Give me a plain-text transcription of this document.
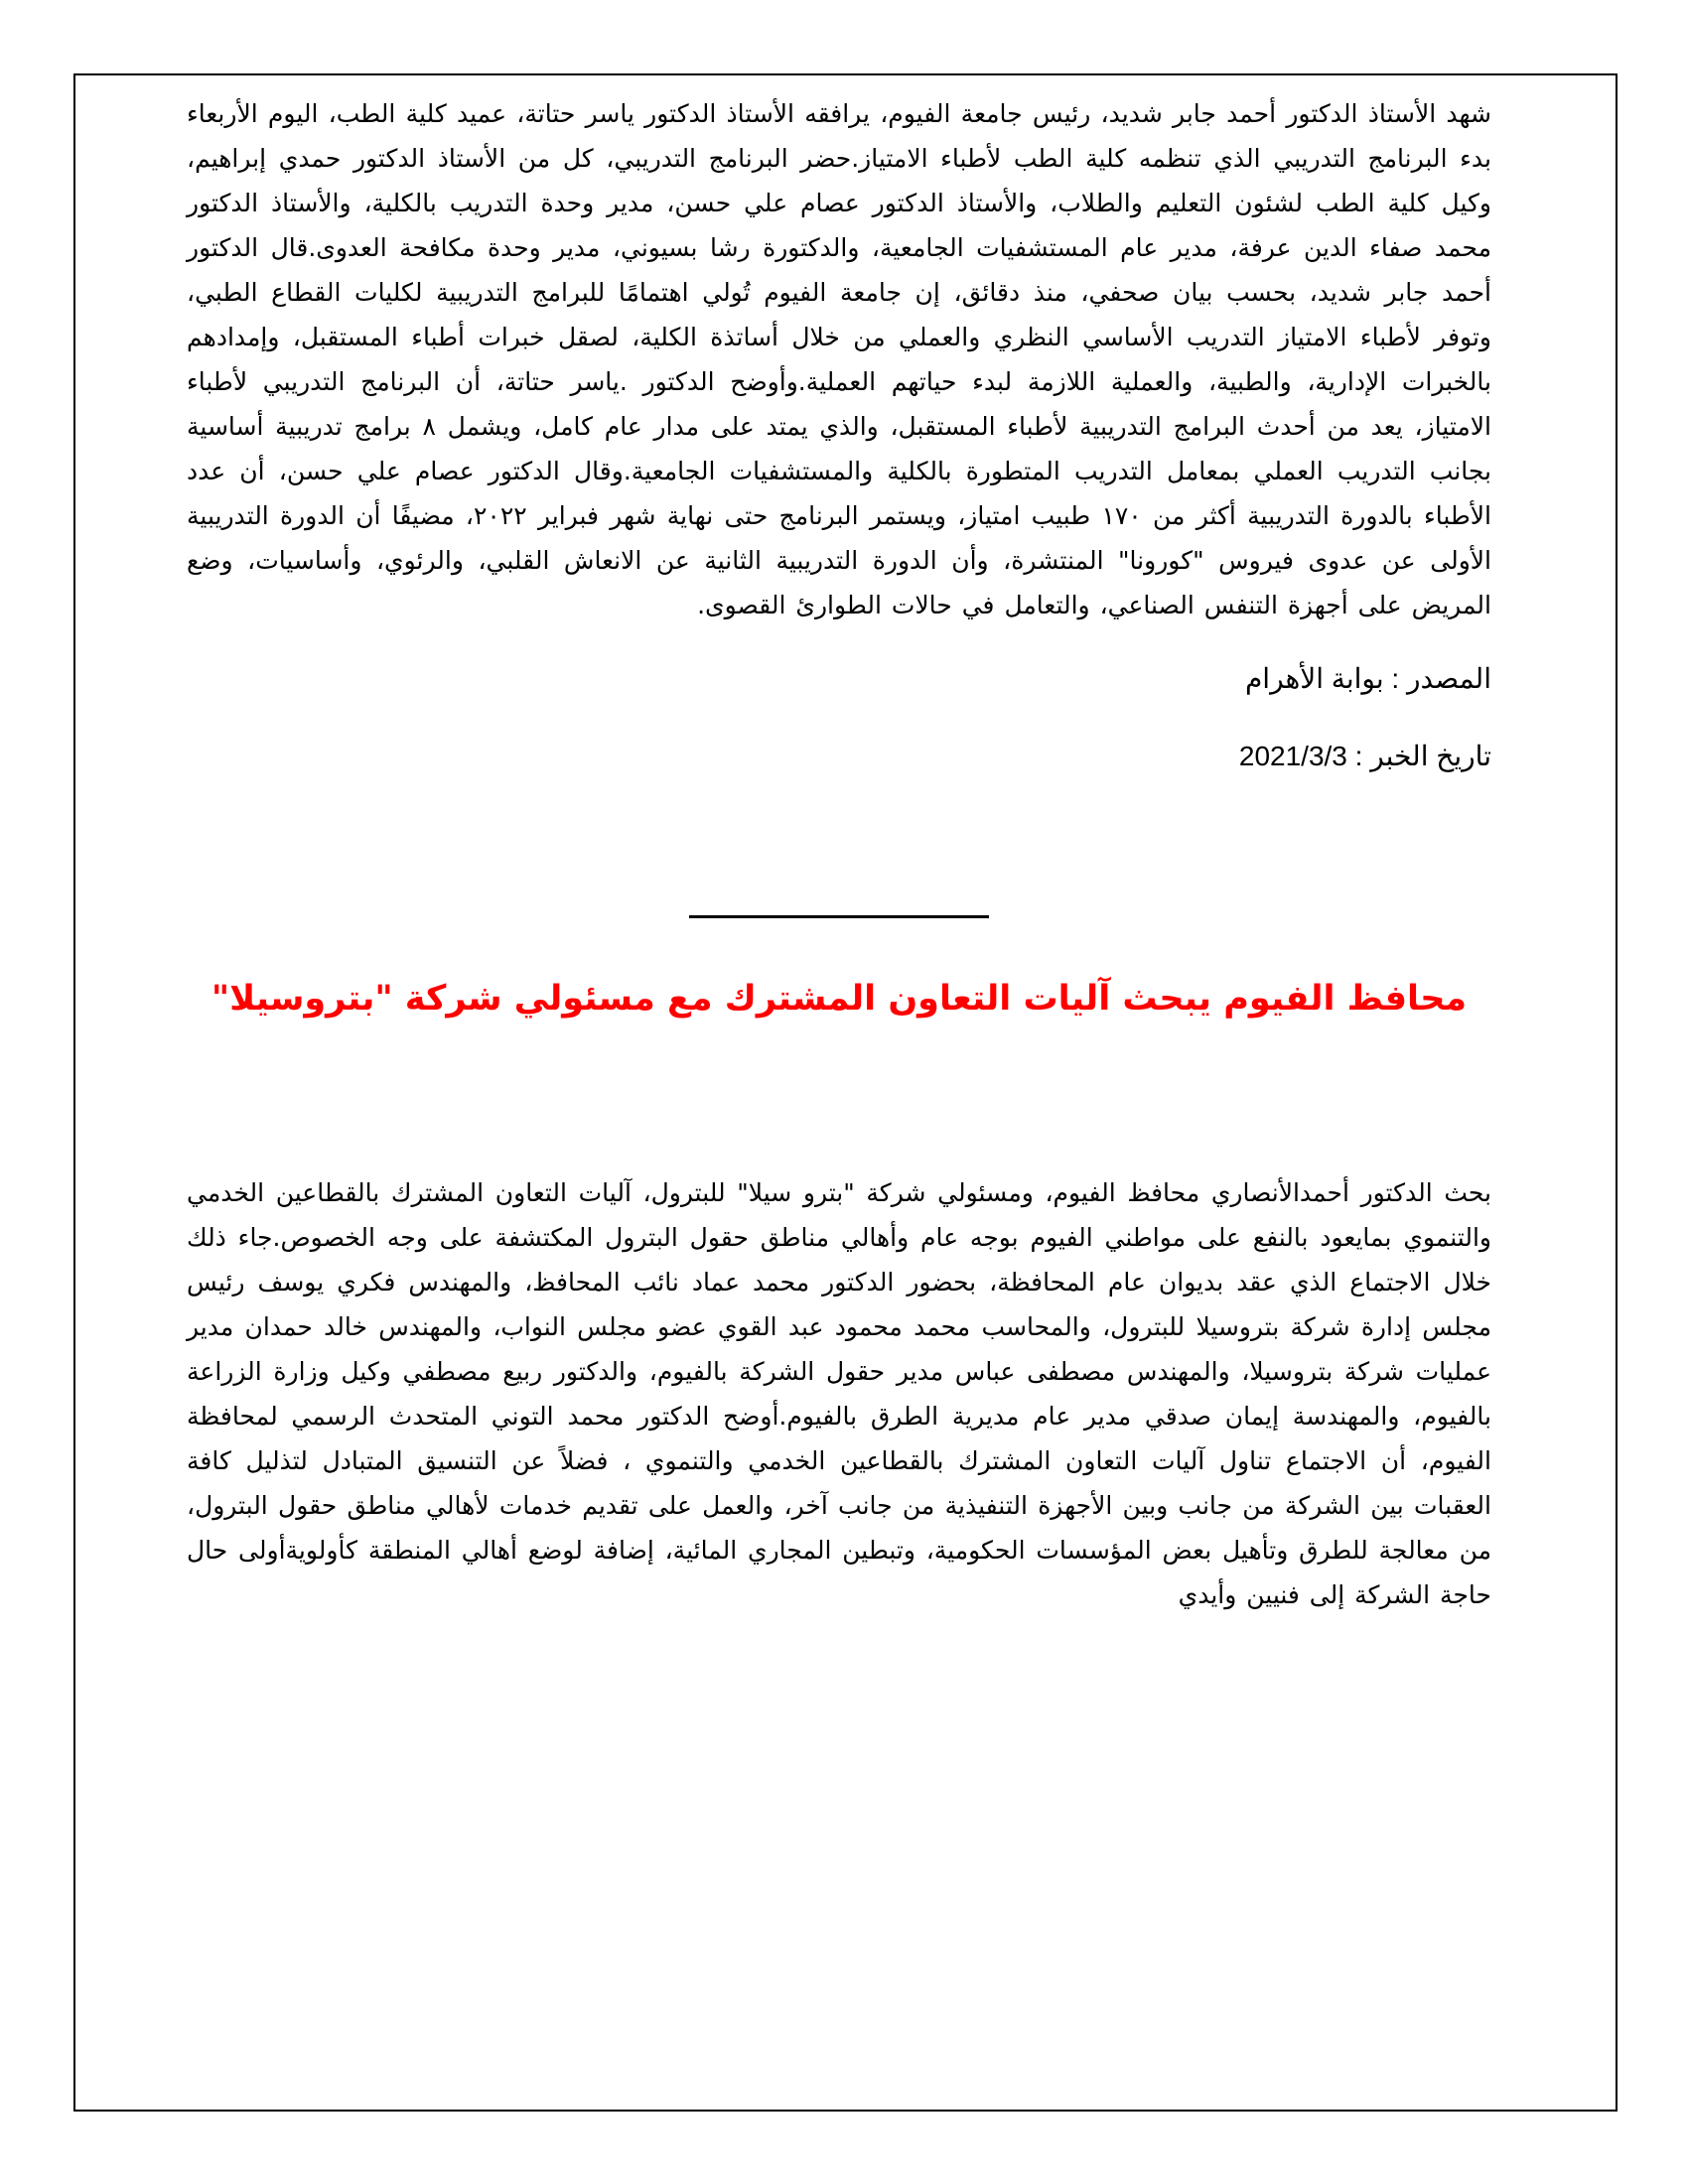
شهد الأستاذ الدكتور أحمد جابر شديد، رئيس جامعة الفيوم، يرافقه الأستاذ الدكتور ياسر حتاتة، عميد كلية الطب، اليوم الأربعاء بدء البرنامج التدريبي الذي تنظمه كلية الطب لأطباء الامتياز.حضر البرنامج التدريبي، كل من الأستاذ الدكتور حمدي إبراهيم، وكيل كلية الطب لشئون التعليم والطلاب، والأستاذ الدكتور عصام علي حسن، مدير وحدة التدريب بالكلية، والأستاذ الدكتور محمد صفاء الدين عرفة، مدير عام المستشفيات الجامعية، والدكتورة رشا بسيوني، مدير وحدة مكافحة العدوى.قال الدكتور أحمد جابر شديد، بحسب بيان صحفي، منذ دقائق، إن جامعة الفيوم تُولي اهتمامًا للبرامج التدريبية لكليات القطاع الطبي، وتوفر لأطباء الامتياز التدريب الأساسي النظري والعملي من خلال أساتذة الكلية، لصقل خبرات أطباء المستقبل، وإمدادهم بالخبرات الإدارية، والطبية، والعملية اللازمة لبدء حياتهم العملية.وأوضح الدكتور .ياسر حتاتة، أن البرنامج التدريبي لأطباء الامتياز، يعد من أحدث البرامج التدريبية لأطباء المستقبل، والذي يمتد على مدار عام كامل، ويشمل ٨ برامج تدريبية أساسية بجانب التدريب العملي بمعامل التدريب المتطورة بالكلية والمستشفيات الجامعية.وقال الدكتور عصام علي حسن، أن عدد الأطباء بالدورة التدريبية أكثر من ١٧٠ طبيب امتياز، ويستمر البرنامج حتى نهاية شهر فبراير ٢٠٢٢، مضيفًا أن الدورة التدريبية الأولى عن عدوى فيروس "كورونا" المنتشرة، وأن الدورة التدريبية الثانية عن الانعاش القلبي، والرئوي، وأساسيات، وضع المريض على أجهزة التنفس الصناعي، والتعامل في حالات الطوارئ القصوى.

المصدر : بوابة الأهرام

تاريخ الخبر : 2021/3/3

محافظ الفيوم يبحث آليات التعاون المشترك مع مسئولي شركة "بتروسيلا"

بحث الدكتور أحمدالأنصاري محافظ الفيوم، ومسئولي شركة "بترو سيلا" للبترول، آليات التعاون المشترك بالقطاعين الخدمي والتنموي بمايعود بالنفع على مواطني الفيوم بوجه عام وأهالي مناطق حقول البترول المكتشفة على وجه الخصوص.جاء ذلك خلال الاجتماع الذي عقد بديوان عام المحافظة، بحضور الدكتور محمد عماد نائب المحافظ، والمهندس فكري يوسف رئيس مجلس إدارة شركة بتروسيلا للبترول، والمحاسب محمد محمود عبد القوي عضو مجلس النواب، والمهندس خالد حمدان مدير عمليات شركة بتروسيلا، والمهندس مصطفى عباس مدير حقول الشركة بالفيوم، والدكتور ربيع مصطفي وكيل وزارة الزراعة بالفيوم، والمهندسة إيمان صدقي مدير عام مديرية الطرق بالفيوم.أوضح الدكتور محمد التوني المتحدث الرسمي لمحافظة الفيوم، أن الاجتماع تناول آليات التعاون المشترك بالقطاعين الخدمي والتنموي ، فضلاً عن التنسيق المتبادل لتذليل كافة العقبات بين الشركة من جانب وبين الأجهزة التنفيذية من جانب آخر، والعمل على تقديم خدمات لأهالي مناطق حقول البترول، من معالجة للطرق وتأهيل بعض المؤسسات الحكومية، وتبطين المجاري المائية، إضافة لوضع أهالي المنطقة كأولويةأولى حال حاجة الشركة إلى فنيين وأيدي
